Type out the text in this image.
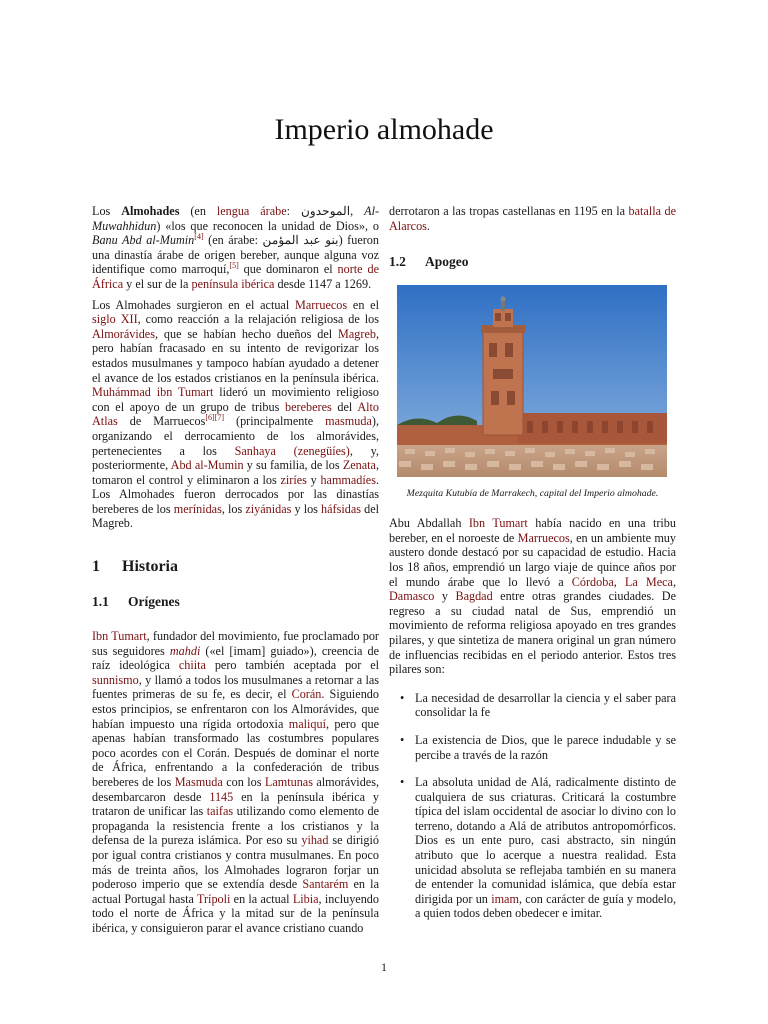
Imperio almohade

Los Almohades (en lengua árabe: الموحدون, Al-Muwahhidun) «los que reconocen la unidad de Dios», o Banu Abd al-Mumin[4] (en árabe: بنو عبد المؤمن) fueron una dinastía árabe de origen bereber, aunque alguna voz identifique como marroquí,[5] que dominaron el norte de África y el sur de la península ibérica desde 1147 a 1269.

Los Almohades surgieron en el actual Marruecos en el siglo XII, como reacción a la relajación religiosa de los Almorávides, que se habían hecho dueños del Magreb, pero habían fracasado en su intento de revigorizar los estados musulmanes y tampoco habían ayudado a detener el avance de los estados cristianos en la península ibérica. Muhámmad ibn Tumart lideró un movimiento religioso con el apoyo de un grupo de tribus bereberes del Alto Atlas de Marruecos[6][7] (principalmente masmuda), organizando el derrocamiento de los almorávides, pertenecientes a los Sanhaya (zenegüíes), y, posteriormente, Abd al-Mumin y su familia, de los Zenata, tomaron el control y eliminaron a los ziríes y hammadíes. Los Almohades fueron derrocados por las dinastías bereberes de los merínidas, los ziyánidas y los háfsidas del Magreb.

1 Historia
1.1 Orígenes

Ibn Tumart, fundador del movimiento, fue proclamado por sus seguidores mahdi («el [imam] guiado»), creencia de raíz ideológica chiita pero también aceptada por el sunnismo, y llamó a todos los musulmanes a retornar a las fuentes primeras de su fe, es decir, el Corán. Siguiendo estos principios, se enfrentaron con los Almorávides, que habían impuesto una rígida ortodoxia maliquí, pero que apenas habían transformado las costumbres populares poco acordes con el Corán. Después de dominar el norte de África, enfrentando a la confederación de tribus bereberes de los Masmuda con los Lamtunas almorávides, desembarcaron desde 1145 en la península ibérica y trataron de unificar las taifas utilizando como elemento de propaganda la resistencia frente a los cristianos y la defensa de la pureza islámica. Por eso su yihad se dirigió por igual contra cristianos y contra musulmanes. En poco más de treinta años, los Almohades lograron forjar un poderoso imperio que se extendía desde Santarém en la actual Portugal hasta Trípoli en la actual Libia, incluyendo todo el norte de África y la mitad sur de la península ibérica, y consiguieron parar el avance cristiano cuando

derrotaron a las tropas castellanas en 1195 en la batalla de Alarcos.

1.2 Apogeo
Mezquita Kutubía de Marrakech, capital del Imperio almohade.

Abu Abdallah Ibn Tumart había nacido en una tribu bereber, en el noroeste de Marruecos, en un ambiente muy austero donde destacó por su capacidad de estudio. Hacia los 18 años, emprendió un largo viaje de quince años por el mundo árabe que lo llevó a Córdoba, La Meca, Damasco y Bagdad entre otras grandes ciudades. De regreso a su ciudad natal de Sus, emprendió un movimiento de reforma religiosa apoyado en tres grandes pilares, y que sintetiza de manera original un gran número de influencias recibidas en el periodo anterior. Estos tres pilares son:

• La necesidad de desarrollar la ciencia y el saber para consolidar la fe
• La existencia de Dios, que le parece indudable y se percibe a través de la razón
• La absoluta unidad de Alá, radicalmente distinto de cualquiera de sus criaturas. Criticará la costumbre típica del islam occidental de asociar lo divino con lo terreno, dotando a Alá de atributos antropomórficos. Dios es un ente puro, casi abstracto, sin ningún atributo que lo acerque a nuestra realidad. Esta unicidad absoluta se reflejaba también en su manera de entender la comunidad islámica, que debía estar dirigida por un imam, con carácter de guía y modelo, a quien todos deben obedecer e imitar.
1
